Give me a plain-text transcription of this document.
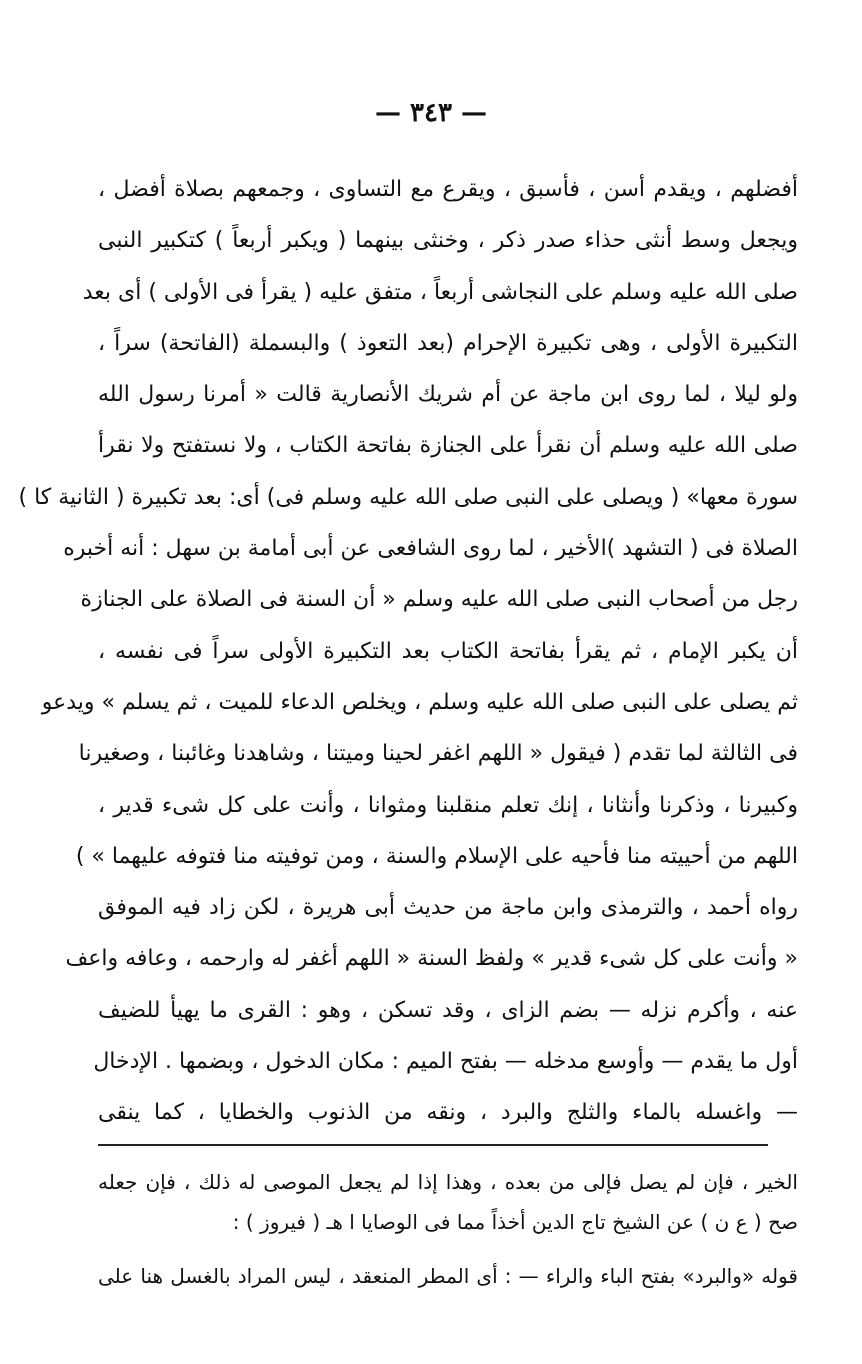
— ٣٤٣ —
أفضلهم ، ويقدم أسن ، فأسبق ، ويقرع مع التساوى ، وجمعهم بصلاة أفضل ،
ويجعل وسط أنثى حذاء صدر ذكر ، وخنثى بينهما ( ويكبر أربعاً ) كتكبير النبى
صلى الله عليه وسلم على النجاشى أربعاً ، متفق عليه ( يقرأ فى الأولى ) أى بعد
التكبيرة الأولى ، وهى تكبيرة الإحرام (بعد التعوذ ) والبسملة (الفاتحة) سراً ،
ولو ليلا ، لما روى ابن ماجة عن أم شريك الأنصارية قالت « أمرنا رسول الله
صلى الله عليه وسلم أن نقرأ على الجنازة بفاتحة الكتاب ، ولا نستفتح ولا نقرأ
سورة معها» ( ويصلى على النبى صلى الله عليه وسلم فى) أى: بعد تكبيرة ( الثانية كا )
الصلاة فى ( التشهد )الأخير ، لما روى الشافعى عن أبى أمامة بن سهل : أنه أخبره
رجل من أصحاب النبى صلى الله عليه وسلم « أن السنة فى الصلاة على الجنازة
أن يكبر الإمام ، ثم يقرأ بفاتحة الكتاب بعد التكبيرة الأولى سراً فى نفسه ،
ثم يصلى على النبى صلى الله عليه وسلم ، ويخلص الدعاء للميت ، ثم يسلم » ويدعو
فى الثالثة لما تقدم ( فيقول « اللهم اغفر لحينا وميتنا ، وشاهدنا وغائبنا ، وصغيرنا
وكبيرنا ، وذكرنا وأنثانا ، إنك تعلم منقلبنا ومثوانا ، وأنت على كل شىء قدير ،
اللهم من أحييته منا فأحيه على الإسلام والسنة ، ومن توفيته منا فتوفه عليهما » )
رواه أحمد ، والترمذى وابن ماجة من حديث أبى هريرة ، لكن زاد فيه الموفق
« وأنت على كل شىء قدير » ولفظ السنة « اللهم أغفر له وارحمه ، وعافه واعف
عنه ، وأكرم نزله — بضم الزاى ، وقد تسكن ، وهو : القرى ما يهيأ للضيف
أول ما يقدم — وأوسع مدخله — بفتح الميم : مكان الدخول ، وبضمها . الإدخال
— واغسله بالماء والثلج والبرد ، ونقه من الذنوب والخطايا ، كما ينقى
الخير ، فإن لم يصل فإلى من بعده ، وهذا إذا لم يجعل الموصى له ذلك ، فإن جعله
صح ( ع ن ) عن الشيخ تاج الدين أخذاً مما فى الوصايا ا هـ ( فيروز ) :
قوله «والبرد» بفتح الباء والراء — : أى المطر المنعقد ، ليس المراد بالغسل هنا على
